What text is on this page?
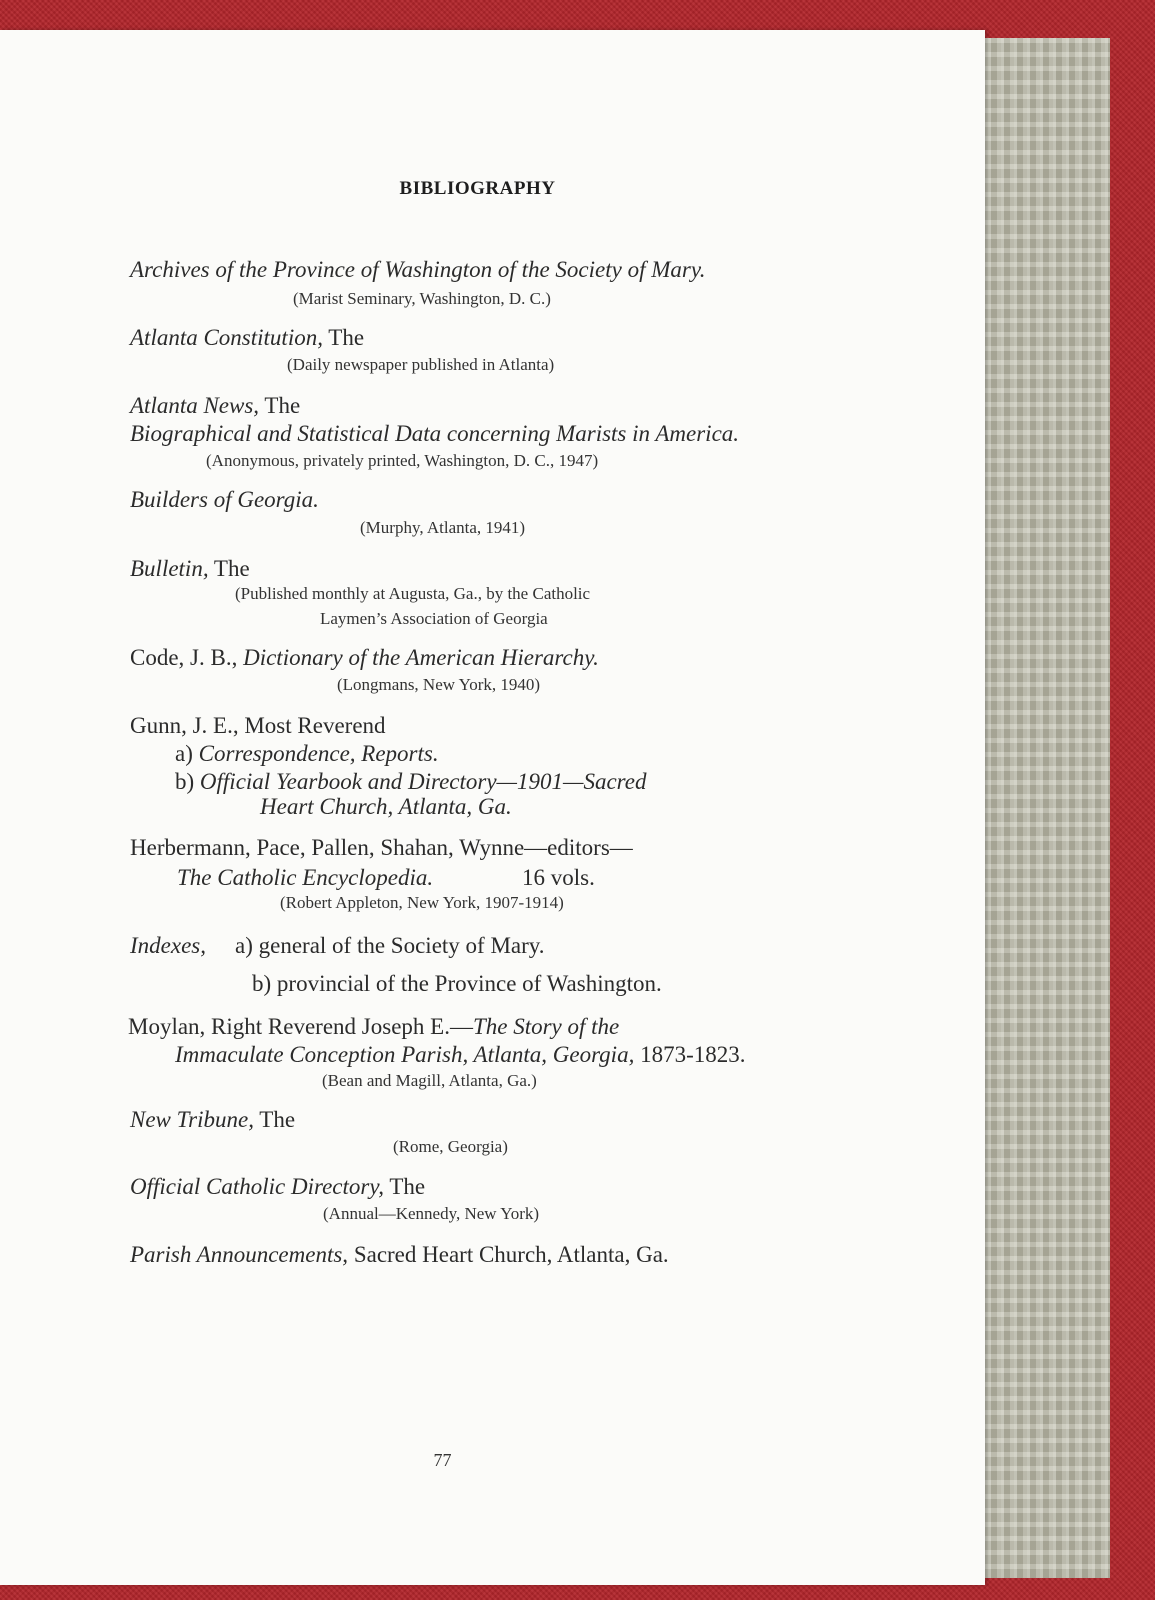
BIBLIOGRAPHY
Archives of the Province of Washington of the Society of Mary.
(Marist Seminary, Washington, D. C.)
Atlanta Constitution, The
(Daily newspaper published in Atlanta)
Atlanta News, The
Biographical and Statistical Data concerning Marists in America.
(Anonymous, privately printed, Washington, D. C., 1947)
Builders of Georgia.
(Murphy, Atlanta, 1941)
Bulletin, The
(Published monthly at Augusta, Ga., by the Catholic
Laymen’s Association of Georgia
Code, J. B., Dictionary of the American Hierarchy.
(Longmans, New York, 1940)
Gunn, J. E., Most Reverend
a) Correspondence, Reports.
b) Official Yearbook and Directory—1901—Sacred
Heart Church, Atlanta, Ga.
Herbermann, Pace, Pallen, Shahan, Wynne—editors—
The Catholic Encyclopedia.	16 vols.
(Robert Appleton, New York, 1907-1914)
Indexes, a) general of the Society of Mary.
b) provincial of the Province of Washington.
Moylan, Right Reverend Joseph E.—The Story of the
Immaculate Conception Parish, Atlanta, Georgia, 1873-1823.
(Bean and Magill, Atlanta, Ga.)
New Tribune, The
(Rome, Georgia)
Official Catholic Directory, The
(Annual—Kennedy, New York)
Parish Announcements, Sacred Heart Church, Atlanta, Ga.
77
